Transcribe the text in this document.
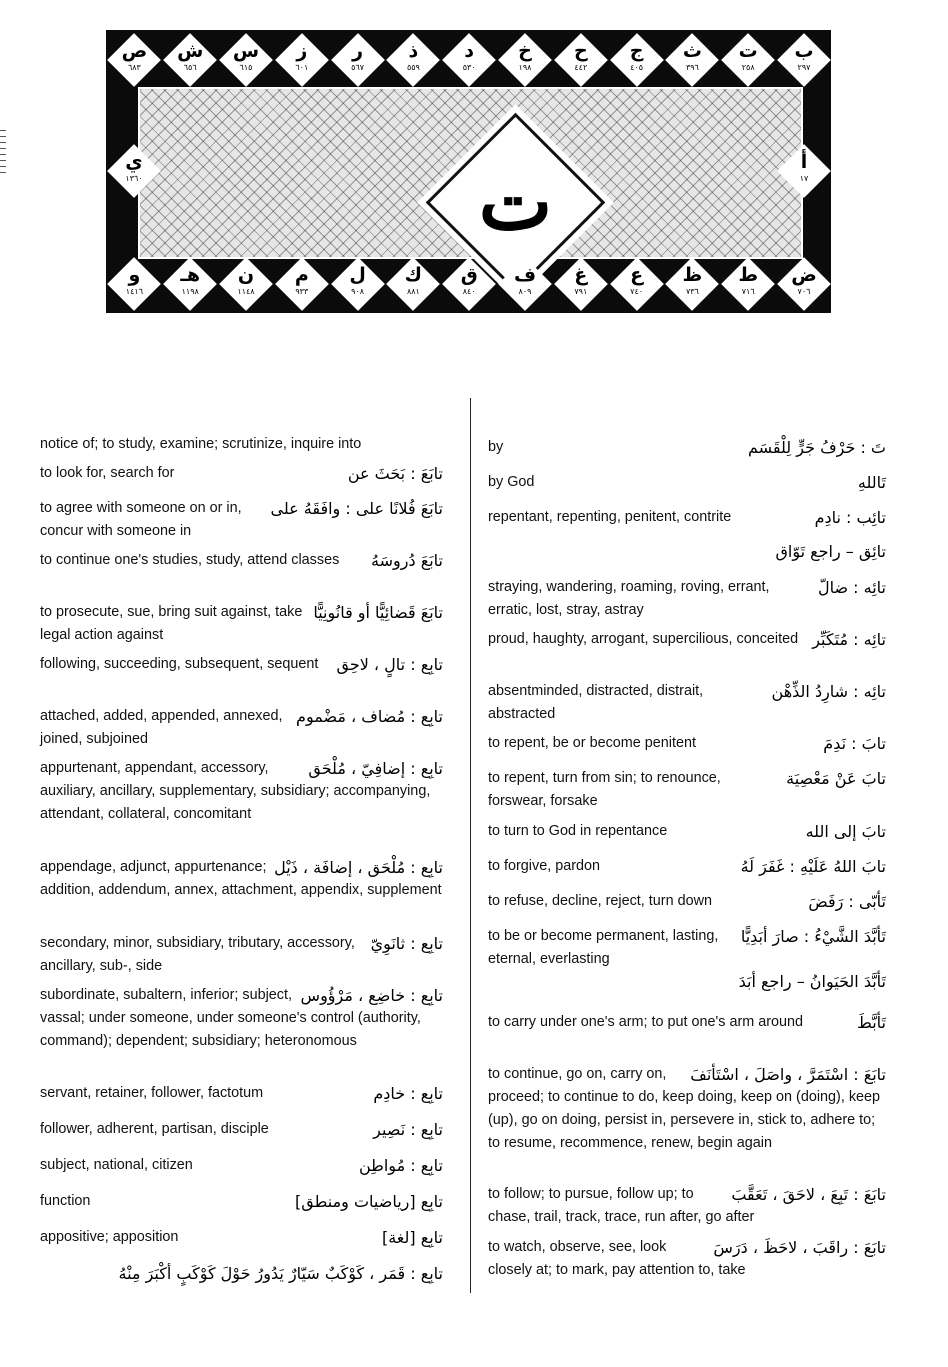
ت
ب
٢٩٧
ت
٢٥٨
ث
٣٩٦
ج
٤٠٥
ح
٤٤٢
خ
١٩٨
د
٥٣٠
ذ
٥٥٩
ر
٥٦٧
ز
٦٠١
س
٦١٥
ش
٦٥٦
ص
٦٨٣
ض
٧٠٦
ط
٧١٦
ظ
٧٣٦
ع
٧٤٠
غ
٧٩١
ف
٨٠٩
ق
٨٤٠
ك
٨٨١
ل
٩٠٨
م
٩٣٣
ن
١١٤٨
هـ
١١٩٨
و
١٤١٦
أ
١٧
ي
١٣٦٠
notice of; to study, examine; scrutinize, inquire into
تابَعَ : بَحَثَ عن
to look for, search for
تابَعَ فُلانًا على : وافَقَهُ على
to agree with someone on or in, concur with someone in
تابَعَ دُروسَهُ
to continue one's studies, study, attend classes
تابَعَ قَضائِيًّا أو قانُونِيًّا
to prosecute, sue, bring suit against, take legal action against
تابِع : تالٍ ، لاحِق
following, succeeding, subsequent, sequent
تابِع : مُضاف ، مَضْموم
attached, added, appended, annexed, joined, subjoined
تابِع : إضافِيّ ، مُلْحَق
appurtenant, appendant, accessory, auxiliary, ancillary, supplementary, subsidiary; accompanying, attendant, collateral, concomitant
تابِع : مُلْحَق ، إضافَة ، ذَيْل
appendage, adjunct, appurtenance; addition, addendum, annex, attachment, appendix, supplement
تابِع : ثانَوِيّ
secondary, minor, subsidiary, tributary, accessory, ancillary, sub-, side
تابِع : خاضِع ، مَرْؤُوس
subordinate, subaltern, inferior; subject, vassal; under someone, under someone's control (authority, command); dependent; subsidiary; heteronomous
تابِع : خادِم
servant, retainer, follower, factotum
تابِع : نَصِير
follower, adherent, partisan, disciple
تابِع : مُواطِن
subject, national, citizen
تابِع [رياضيات ومنطق]
function
تابِع [لغة]
appositive; apposition
تابِع : قَمَر ، كَوْكَبٌ سَيّارٌ يَدُورُ حَوْلَ كَوْكَبٍ أكْبَرَ مِنْهُ
تَ : حَرْفُ جَرٍّ لِلْقَسَم
by
تَاللهِ
by God
تائِب : نادِم
repentant, repenting, penitent, contrite
تائِق – راجع تَوّاق
تائِه : ضالّ
straying, wandering, roaming, roving, errant, erratic, lost, stray, astray
تائِه : مُتَكَبِّر
proud, haughty, arrogant, supercilious, conceited
تائِه : شارِدُ الذِّهْن
absentminded, distracted, distrait, abstracted
تابَ : نَدِمَ
to repent, be or become penitent
تابَ عَنْ مَعْصِيَة
to repent, turn from sin; to renounce, forswear, forsake
تابَ إلى الله
to turn to God in repentance
تابَ اللهُ عَلَيْهِ : غَفَرَ لَهُ
to forgive, pardon
تَأبّى : رَفَضَ
to refuse, decline, reject, turn down
تَأبَّدَ الشَّيْءُ : صارَ أبَدِيًّا
to be or become permanent, lasting, eternal, everlasting
تَأبَّدَ الحَيَوانُ – راجع أبَدَ
تَأبَّطَ
to carry under one's arm; to put one's arm around
تابَعَ : اسْتَمَرَّ ، واصَلَ ، اسْتَأنَفَ
to continue, go on, carry on, proceed; to continue to do, keep doing, keep on (doing), keep (up), go on doing, persist in, persevere in, stick to, adhere to; to resume, recommence, renew, begin again
تابَعَ : تَبِعَ ، لاحَقَ ، تَعَقَّبَ
to follow; to pursue, follow up; to chase, trail, track, trace, run after, go after
تابَعَ : راقَبَ ، لاحَظَ ، دَرَسَ
to watch, observe, see, look closely at; to mark, pay attention to, take
